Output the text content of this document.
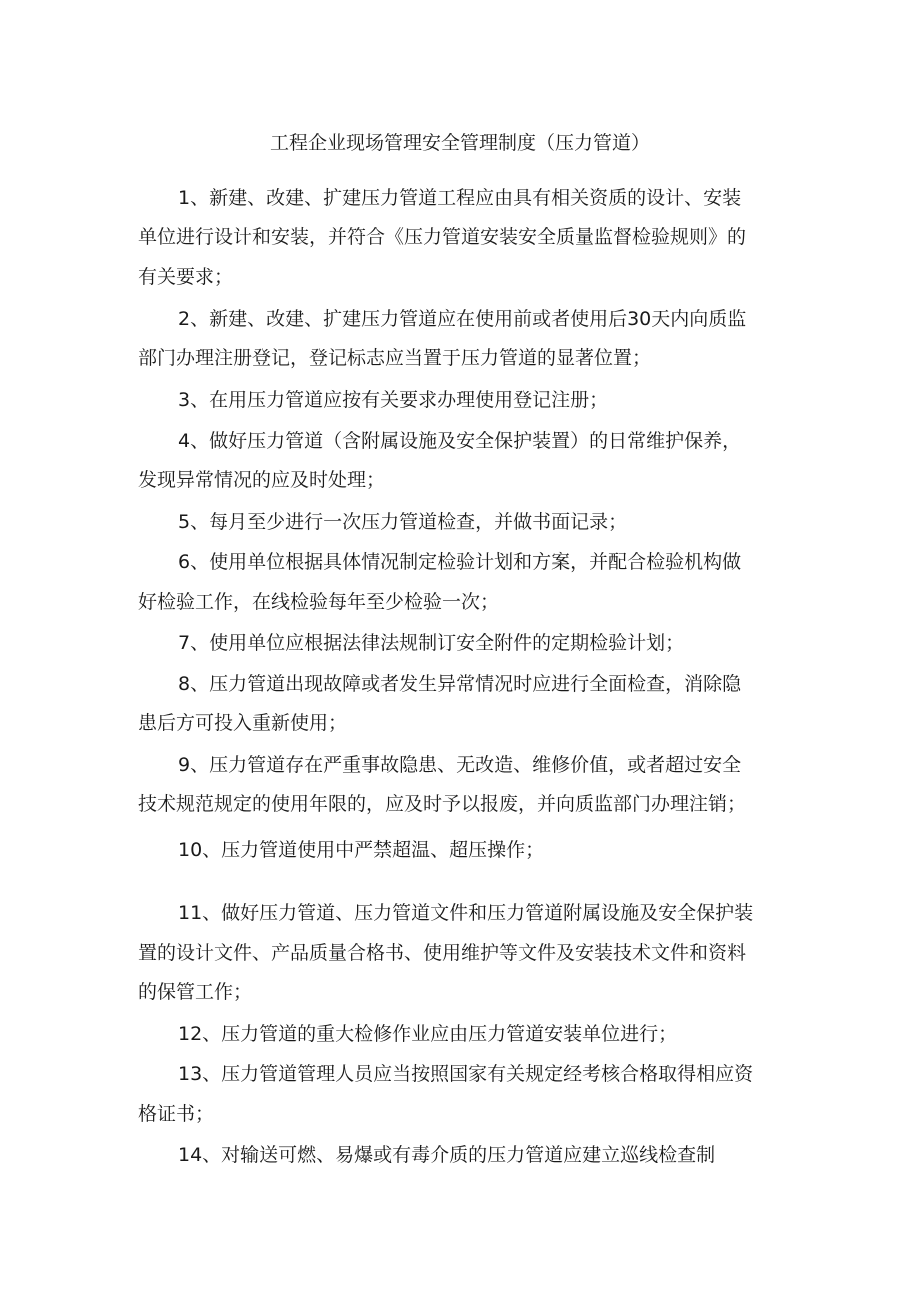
工程企业现场管理安全管理制度（压力管道）
1、新建、改建、扩建压力管道工程应由具有相关资质的设计、安装
单位进行设计和安装，并符合《压力管道安装安全质量监督检验规则》的
有关要求；
2、新建、改建、扩建压力管道应在使用前或者使用后30天内向质监
部门办理注册登记，登记标志应当置于压力管道的显著位置；
3、在用压力管道应按有关要求办理使用登记注册；
4、做好压力管道（含附属设施及安全保护装置）的日常维护保养，
发现异常情况的应及时处理；
5、每月至少进行一次压力管道检查，并做书面记录；
6、使用单位根据具体情况制定检验计划和方案，并配合检验机构做
好检验工作，在线检验每年至少检验一次；
7、使用单位应根据法律法规制订安全附件的定期检验计划；
8、压力管道出现故障或者发生异常情况时应进行全面检查，消除隐
患后方可投入重新使用；
9、压力管道存在严重事故隐患、无改造、维修价值，或者超过安全
技术规范规定的使用年限的，应及时予以报废，并向质监部门办理注销；
10、压力管道使用中严禁超温、超压操作；
11、做好压力管道、压力管道文件和压力管道附属设施及安全保护装
置的设计文件、产品质量合格书、使用维护等文件及安装技术文件和资料
的保管工作；
12、压力管道的重大检修作业应由压力管道安装单位进行；
13、压力管道管理人员应当按照国家有关规定经考核合格取得相应资
格证书；
14、对输送可燃、易爆或有毒介质的压力管道应建立巡线检查制
